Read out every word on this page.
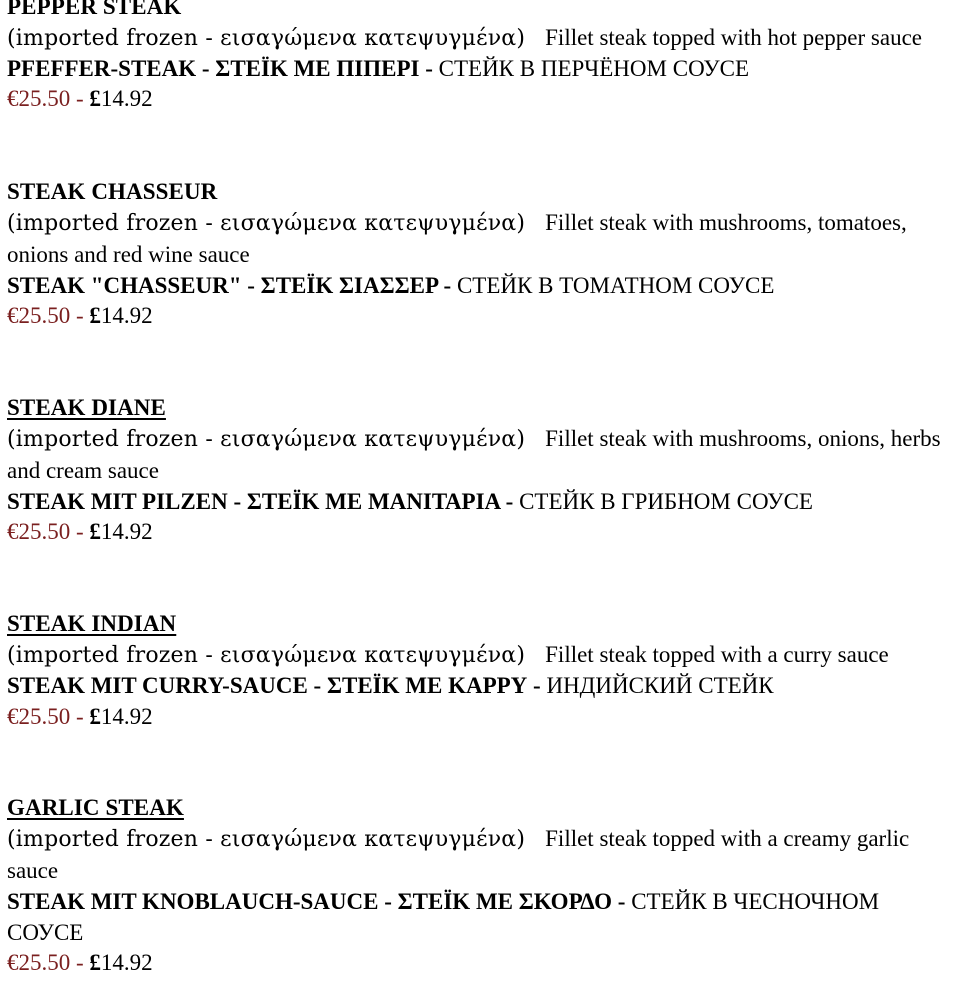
PEPPER STEAK

(imported frozen - εισαγώμενα κατεψυγμένα) Fillet steak topped with hot pepper sauce

PFEFFER-STEAK - ΣΤΕΪΚ ΜΕ ΠΙΠΕΡΙ - СТЕЙК В ПЕРЧЁНОМ СОУСЕ

€25.50 - £14.92

STEAK CHASSEUR

(imported frozen - εισαγώμενα κατεψυγμένα) Fillet steak with mushrooms, tomatoes, onions and red wine sauce

STEAK "CHASSEUR" - ΣΤΕΪΚ ΣΙΑΣΣΕΡ - СТЕЙК В ТОМАТНОМ СОУСЕ

€25.50 - £14.92

STEAK DIANE

(imported frozen - εισαγώμενα κατεψυγμένα) Fillet steak with mushrooms, onions, herbs and cream sauce

STEAK MIT PILZEN - ΣΤΕΪΚ ΜΕ ΜΑΝΙΤΑΡΙΑ - СТЕЙК В ГРИБНОМ СОУСЕ

€25.50 - £14.92

STEAK INDIAN

(imported frozen - εισαγώμενα κατεψυγμένα) Fillet steak topped with a curry sauce

STEAK MIT CURRY-SAUCE - ΣΤΕΪΚ ΜΕ ΚΑΡΡΥ - ИНДИЙСКИЙ СТЕЙК

€25.50 - £14.92

GARLIC STEAK

(imported frozen - εισαγώμενα κατεψυγμένα) Fillet steak topped with a creamy garlic sauce

STEAK MIT KNOBLAUCH-SAUCE - ΣΤΕΪΚ ΜΕ ΣΚΟΡΔΟ - СТЕЙК В ЧЕСНОЧНОМ СОУСЕ

€25.50 - £14.92
